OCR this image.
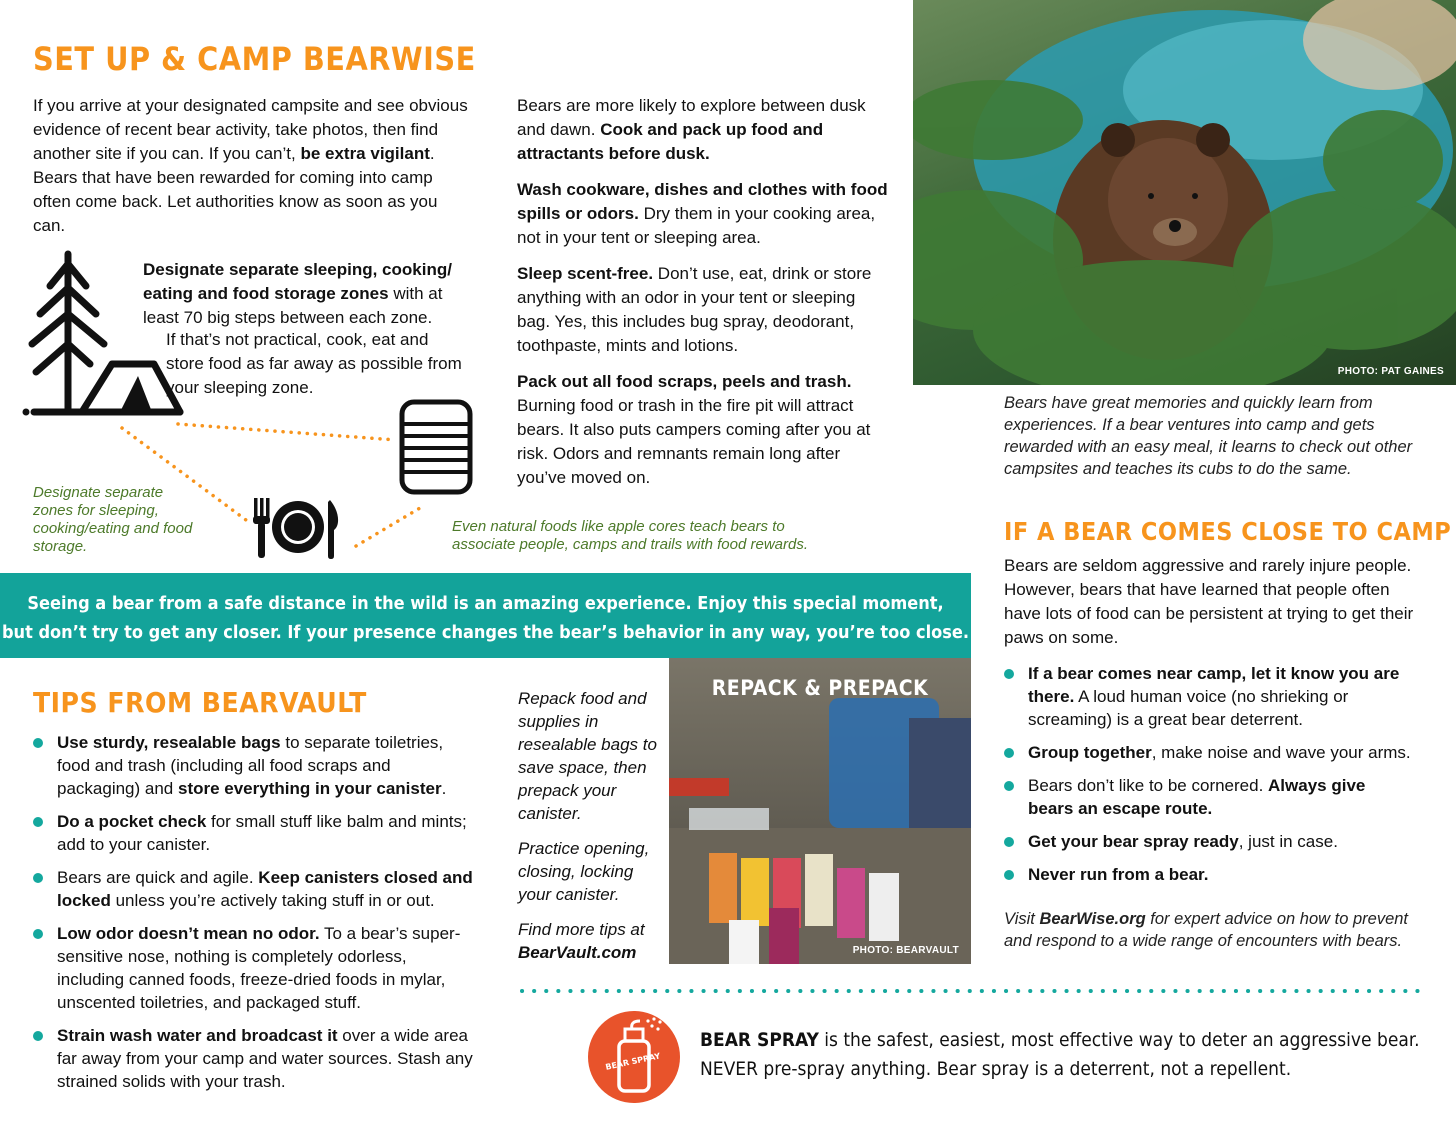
SET UP & CAMP BEARWISE

If you arrive at your designated campsite and see obvious evidence of recent bear activity, take photos, then find another site if you can. If you can’t, be extra vigilant. Bears that have been rewarded for coming into camp often come back. Let authorities know as soon as you can.

Designate separate sleeping, cooking/ eating and food storage zones with at least 70 big steps between each zone.

If that’s not practical, cook, eat and store food as far away as possible from your sleeping zone.

Designate separate zones for sleeping, cooking/eating and food storage.

Even natural foods like apple cores teach bears to associate people, camps and trails with food rewards.

Bears are more likely to explore between dusk and dawn. Cook and pack up food and attractants before dusk.

Wash cookware, dishes and clothes with food spills or odors. Dry them in your cooking area, not in your tent or sleeping area.

Sleep scent-free. Don’t use, eat, drink or store anything with an odor in your tent or sleeping bag. Yes, this includes bug spray, deodorant, toothpaste, mints and lotions.

Pack out all food scraps, peels and trash. Burning food or trash in the fire pit will attract bears. It also puts campers coming after you at risk. Odors and remnants remain long after you’ve moved on.

PHOTO: PAT GAINES

Bears have great memories and quickly learn from experiences. If a bear ventures into camp and gets rewarded with an easy meal, it learns to check out other campsites and teaches its cubs to do the same.

IF A BEAR COMES CLOSE TO CAMP

Bears are seldom aggressive and rarely injure people. However, bears that have learned that people often have lots of food can be persistent at trying to get their paws on some.

If a bear comes near camp, let it know you are there. A loud human voice (no shrieking or screaming) is a great bear deterrent.
Group together, make noise and wave your arms.
Bears don’t like to be cornered. Always give bears an escape route.
Get your bear spray ready, just in case.
Never run from a bear.

Visit BearWise.org for expert advice on how to prevent and respond to a wide range of encounters with bears.

Seeing a bear from a safe distance in the wild is an amazing experience. Enjoy this special moment,
but don’t try to get any closer. If your presence changes the bear’s behavior in any way, you’re too close.
TIPS FROM BEARVAULT
Use sturdy, resealable bags to separate toiletries, food and trash (including all food scraps and packaging) and store everything in your canister.
Do a pocket check for small stuff like balm and mints; add to your canister.
Bears are quick and agile. Keep canisters closed and locked unless you’re actively taking stuff in or out.
Low odor doesn’t mean no odor. To a bear’s super-sensitive nose, nothing is completely odorless, including canned foods, freeze-dried foods in mylar, unscented toiletries, and packaged stuff.
Strain wash water and broadcast it over a wide area far away from your camp and water sources. Stash any strained solids with your trash.

Repack food and supplies in resealable bags to save space, then prepack your canister.

Practice opening, closing, locking your canister.

Find more tips at

BearVault.com
REPACK & PREPACK
PHOTO: BEARVAULT
BEAR SPRAY
BEAR SPRAY is the safest, easiest, most effective way to deter an aggressive bear.
NEVER pre-spray anything. Bear spray is a deterrent, not a repellent.
